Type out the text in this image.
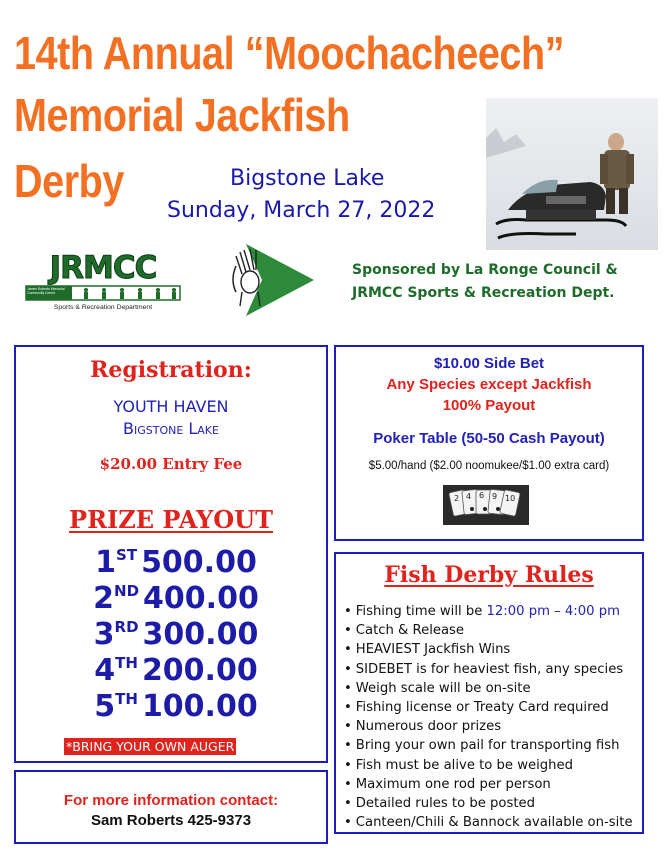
14th Annual “Moochacheech”
Memorial Jackfish
Derby	Bigstone Lake
Sunday, March 27, 2022
JRMCC
James Roberts Memorial Community Centre
Sports & Recreation Department
Sponsored by La Ronge Council &
JRMCC Sports & Recreation Dept.
Registration:
YOUTH HAVEN
Bigstone Lake
$20.00 Entry Fee
PRIZE PAYOUT
1ST 500.00
2ND 400.00
3RD 300.00
4TH 200.00
5TH 100.00
*BRING YOUR OWN AUGER
$10.00 Side Bet
Any Species except Jackfish
100% Payout
Poker Table (50-50 Cash Payout)
$5.00/hand ($2.00 noomukee/$1.00 extra card)
2 4 6 9 10
Fish Derby Rules
• Fishing time will be 12:00 pm – 4:00 pm
• Catch & Release
• HEAVIEST Jackfish Wins
• SIDEBET is for heaviest fish, any species
• Weigh scale will be on-site
• Fishing license or Treaty Card required
• Numerous door prizes
• Bring your own pail for transporting fish
• Fish must be alive to be weighed
• Maximum one rod per person
• Detailed rules to be posted
• Canteen/Chili & Bannock available on-site
For more information contact:
Sam Roberts 425-9373
